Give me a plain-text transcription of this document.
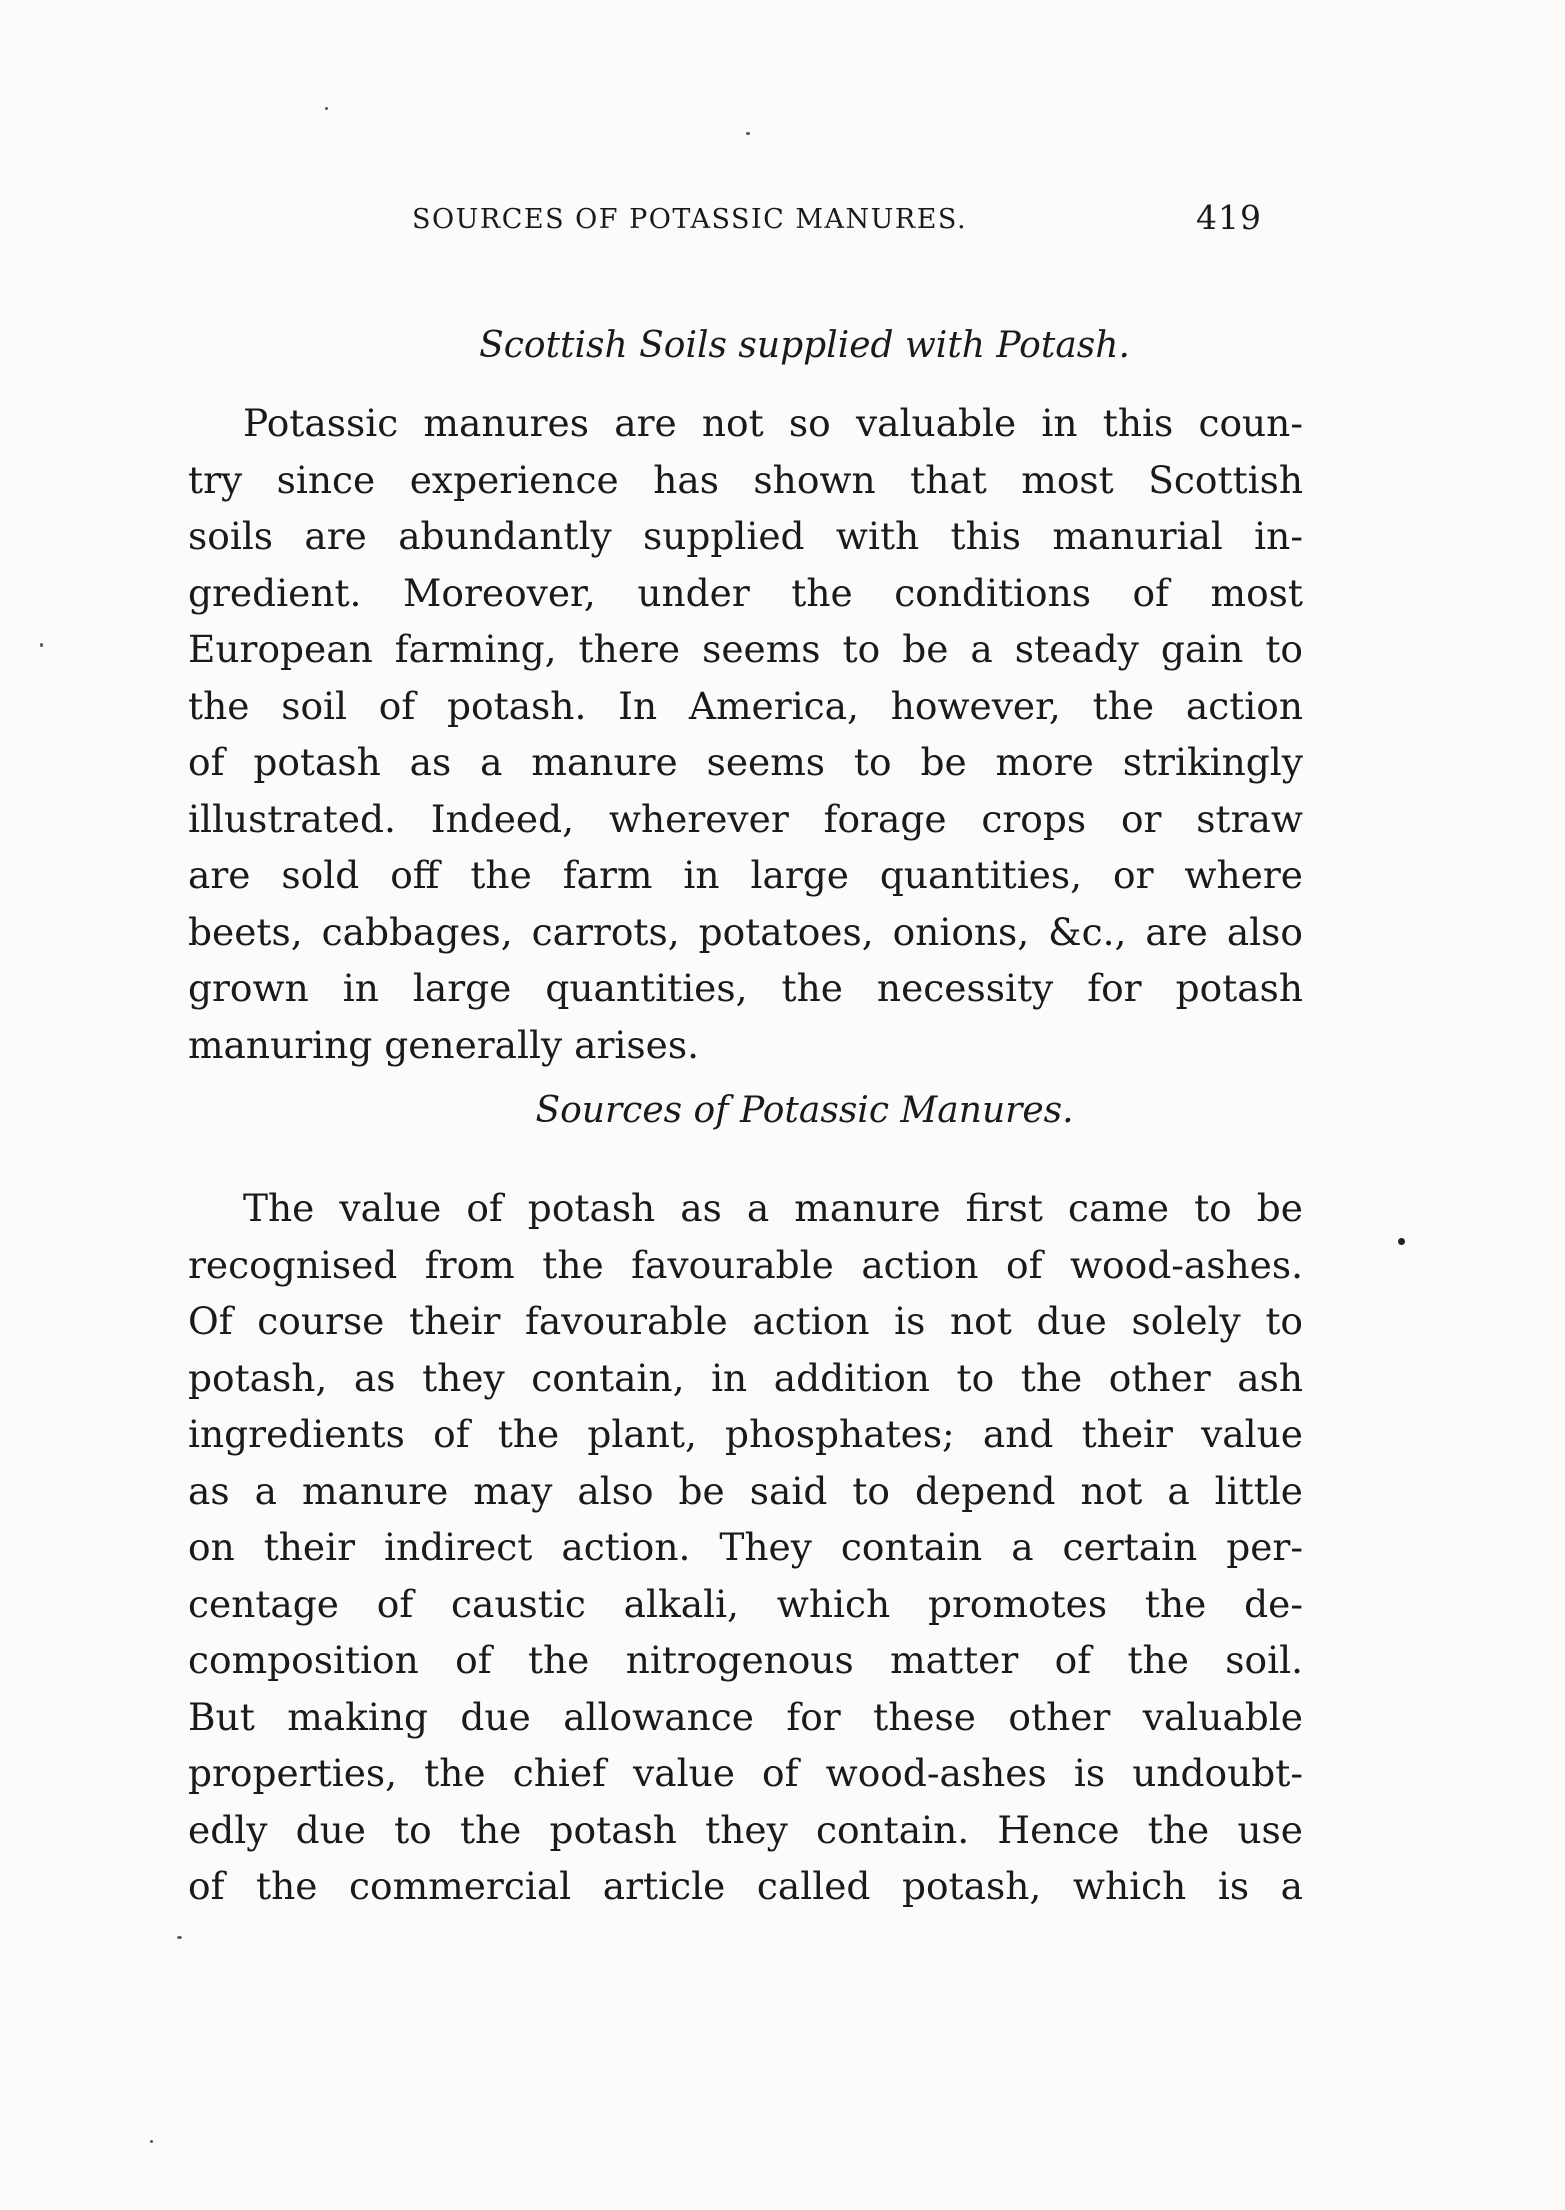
SOURCES OF POTASSIC MANURES.	419
Scottish Soils supplied with Potash.
Potassic manures are not so valuable in this coun-
try since experience has shown that most Scottish
soils are abundantly supplied with this manurial in-
gredient. Moreover, under the conditions of most
European farming, there seems to be a steady gain to
the soil of potash. In America, however, the action
of potash as a manure seems to be more strikingly
illustrated. Indeed, wherever forage crops or straw
are sold off the farm in large quantities, or where
beets, cabbages, carrots, potatoes, onions, &c., are also
grown in large quantities, the necessity for potash
manuring generally arises.
Sources of Potassic Manures.
The value of potash as a manure first came to be
recognised from the favourable action of wood-ashes.
Of course their favourable action is not due solely to
potash, as they contain, in addition to the other ash
ingredients of the plant, phosphates; and their value
as a manure may also be said to depend not a little
on their indirect action. They contain a certain per-
centage of caustic alkali, which promotes the de-
composition of the nitrogenous matter of the soil.
But making due allowance for these other valuable
properties, the chief value of wood-ashes is undoubt-
edly due to the potash they contain. Hence the use
of the commercial article called potash, which is a
